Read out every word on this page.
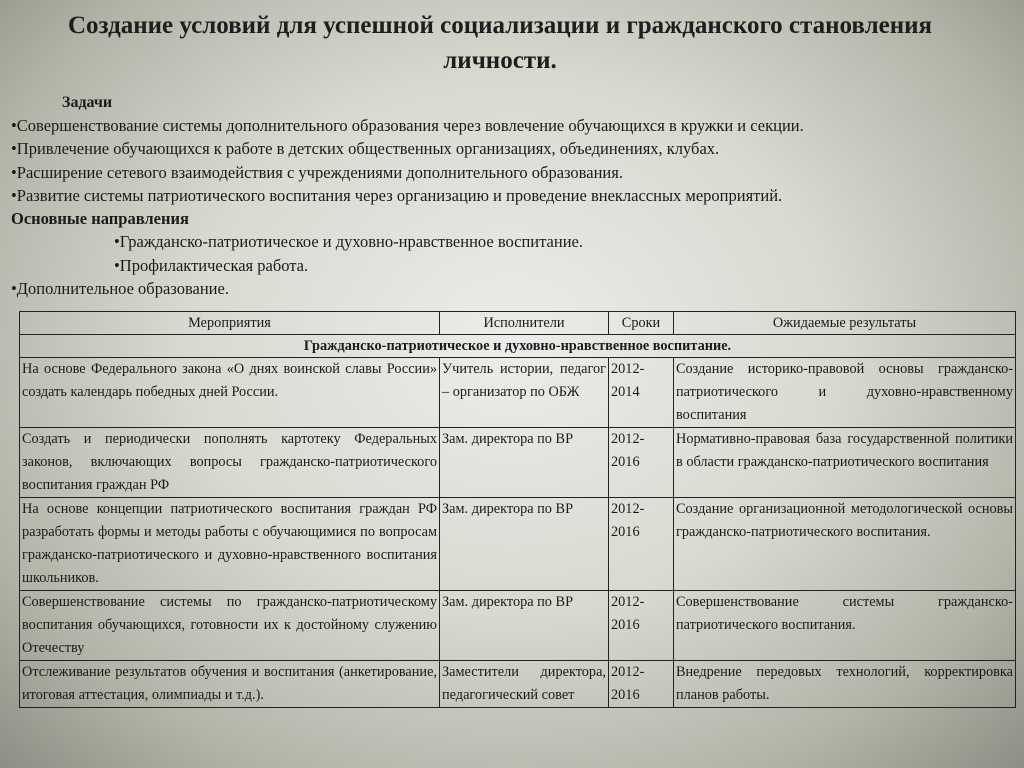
Создание условий для успешной социализации и гражданского становления личности.
Задачи
•Совершенствование системы дополнительного образования через вовлечение обучающихся в кружки и секции.
•Привлечение обучающихся к работе в детских общественных организациях, объединениях, клубах.
•Расширение сетевого взаимодействия с учреждениями дополнительного образования.
•Развитие системы патриотического воспитания через организацию и проведение внеклассных мероприятий.
Основные направления
•Гражданско-патриотическое и духовно-нравственное воспитание.
•Профилактическая работа.
•Дополнительное образование.
Мероприятия	Исполнители	Сроки	Ожидаемые результаты
Гражданско-патриотическое и духовно-нравственное воспитание.			
На основе Федерального закона «О днях воинской славы России» создать календарь победных дней России.	Учитель истории, педагог – организатор по ОБЖ	2012-2014	Создание историко-правовой основы гражданско-патриотического и духовно-нравственному воспитания
Создать и периодически пополнять картотеку Федеральных законов, включающих вопросы гражданско-патриотического воспитания граждан РФ	Зам. директора по ВР	2012-2016	Нормативно-правовая база государственной политики в области гражданско-патриотического воспитания
На основе концепции патриотического воспитания граждан РФ разработать формы и методы работы с обучающимися по вопросам гражданско-патриотического и духовно-нравственного воспитания школьников.	Зам. директора по ВР	2012-2016	Создание организационной методологической основы гражданско-патриотического воспитания.
Совершенствование системы по гражданско-патриотическому воспитания обучающихся, готовности их к достойному служению Отечеству	Зам. директора по ВР	2012-2016	Совершенствование системы гражданско-патриотического воспитания.
Отслеживание результатов обучения и воспитания (анкетирование, итоговая аттестация, олимпиады и т.д.).	Заместители директора, педагогический совет	2012-2016	Внедрение передовых технологий, корректировка планов работы.
